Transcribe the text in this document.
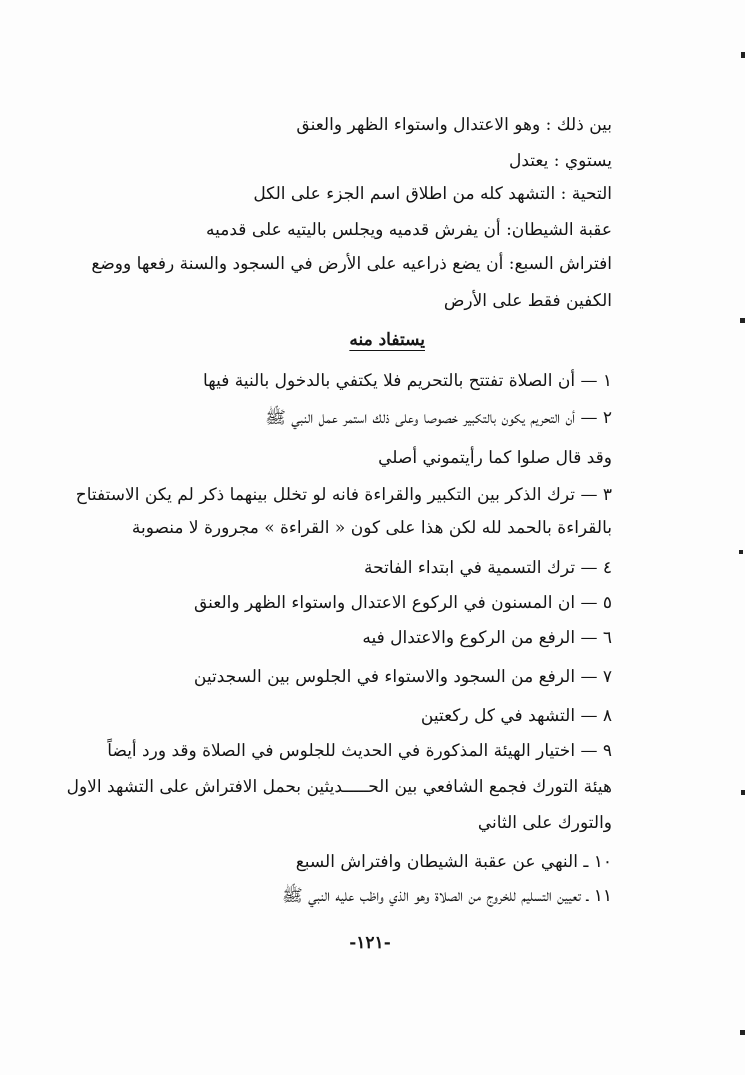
بين ذلك : وهو الاعتدال واستواء الظهر والعنق
يستوي : يعتدل
التحية : التشهد كله من اطلاق اسم الجزء على الكل
عقبة الشيطان: أن يفرش قدميه ويجلس باليتيه على قدميه
افتراش السبع: أن يضع ذراعيه على الأرض في السجود والسنة رفعها ووضع
الكفين فقط على الأرض
يستفاد منه
١ — أن الصلاة تفتتح بالتحريم فلا يكتفي بالدخول بالنية فيها
٢ — أن التحريم يكون بالتكبير خصوصا وعلى ذلك استمر عمل النبي ﷺ
وقد قال صلوا كما رأيتموني أصلي
٣ — ترك الذكر بين التكبير والقراءة فانه لو تخلل بينهما ذكر لم يكن الاستفتاح
بالقراءة بالحمد لله لكن هذا على كون « القراءة » مجرورة لا منصوبة
٤ — ترك التسمية في ابتداء الفاتحة
٥ — ان المسنون في الركوع الاعتدال واستواء الظهر والعنق
٦ — الرفع من الركوع والاعتدال فيه
٧ — الرفع من السجود والاستواء في الجلوس بين السجدتين
٨ — التشهد في كل ركعتين
٩ — اختيار الهيئة المذكورة في الحديث للجلوس في الصلاة وقد ورد أيضاً
هيئة التورك فجمع الشافعي بين الحـــــديثين بحمل الافتراش على التشهد الاول
والتورك على الثاني
١٠ ـ النهي عن عقبة الشيطان وافتراش السبع
١١ ـ تعيين التسليم للخروج من الصلاة وهو الذي واظب عليه النبي ﷺ
-١٢١-
